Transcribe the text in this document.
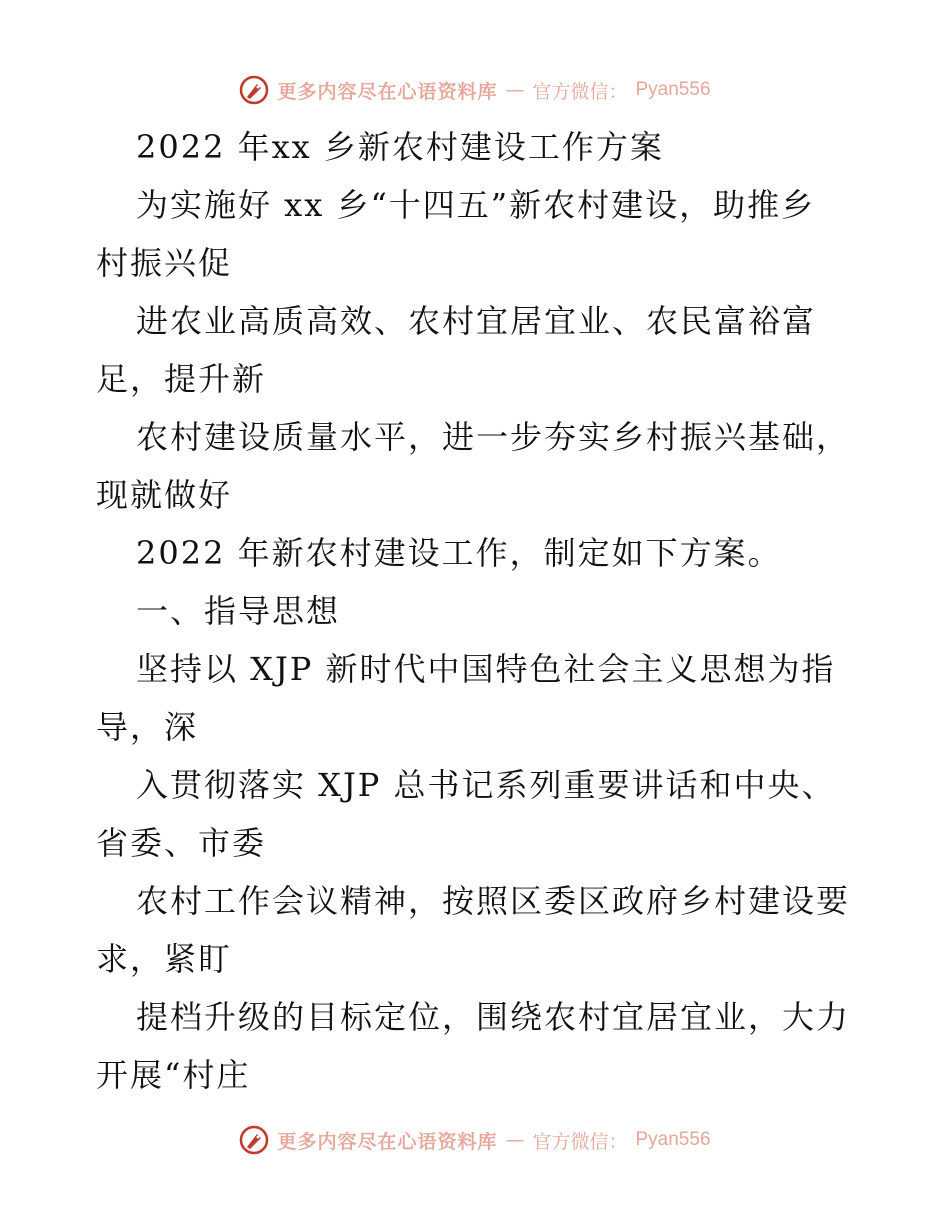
更多内容尽在心语资料库 — 官方微信： Pyan556
2022 年xx 乡新农村建设工作方案
为实施好 xx 乡“十四五”新农村建设，助推乡
村振兴促
进农业高质高效、农村宜居宜业、农民富裕富
足，提升新
农村建设质量水平，进一步夯实乡村振兴基础，
现就做好
2022 年新农村建设工作，制定如下方案。
一、指导思想
坚持以 XJP 新时代中国特色社会主义思想为指
导，深
入贯彻落实 XJP 总书记系列重要讲话和中央、
省委、市委
农村工作会议精神，按照区委区政府乡村建设要
求，紧盯
提档升级的目标定位，围绕农村宜居宜业，大力
开展“村庄
更多内容尽在心语资料库 — 官方微信： Pyan556
